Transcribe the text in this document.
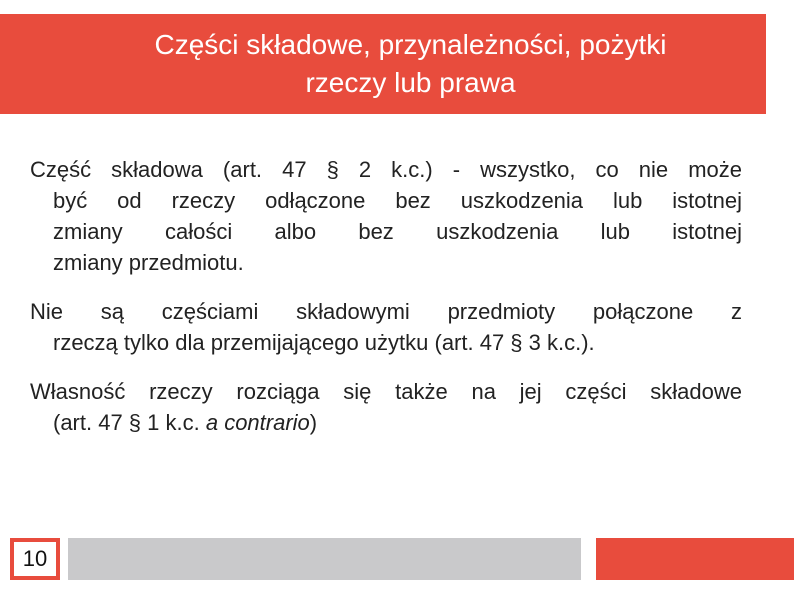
Części składowe, przynależności, pożytki
rzeczy lub prawa

Część składowa (art. 47 § 2 k.c.) - wszystko, co nie może
być od rzeczy odłączone bez uszkodzenia lub istotnej
zmiany całości albo bez uszkodzenia lub istotnej
zmiany przedmiotu.

Nie są częściami składowymi przedmioty połączone z
rzeczą tylko dla przemijającego użytku (art. 47 § 3 k.c.).

Własność rzeczy rozciąga się także na jej części składowe
(art. 47 § 1 k.c. a contrario)

10
